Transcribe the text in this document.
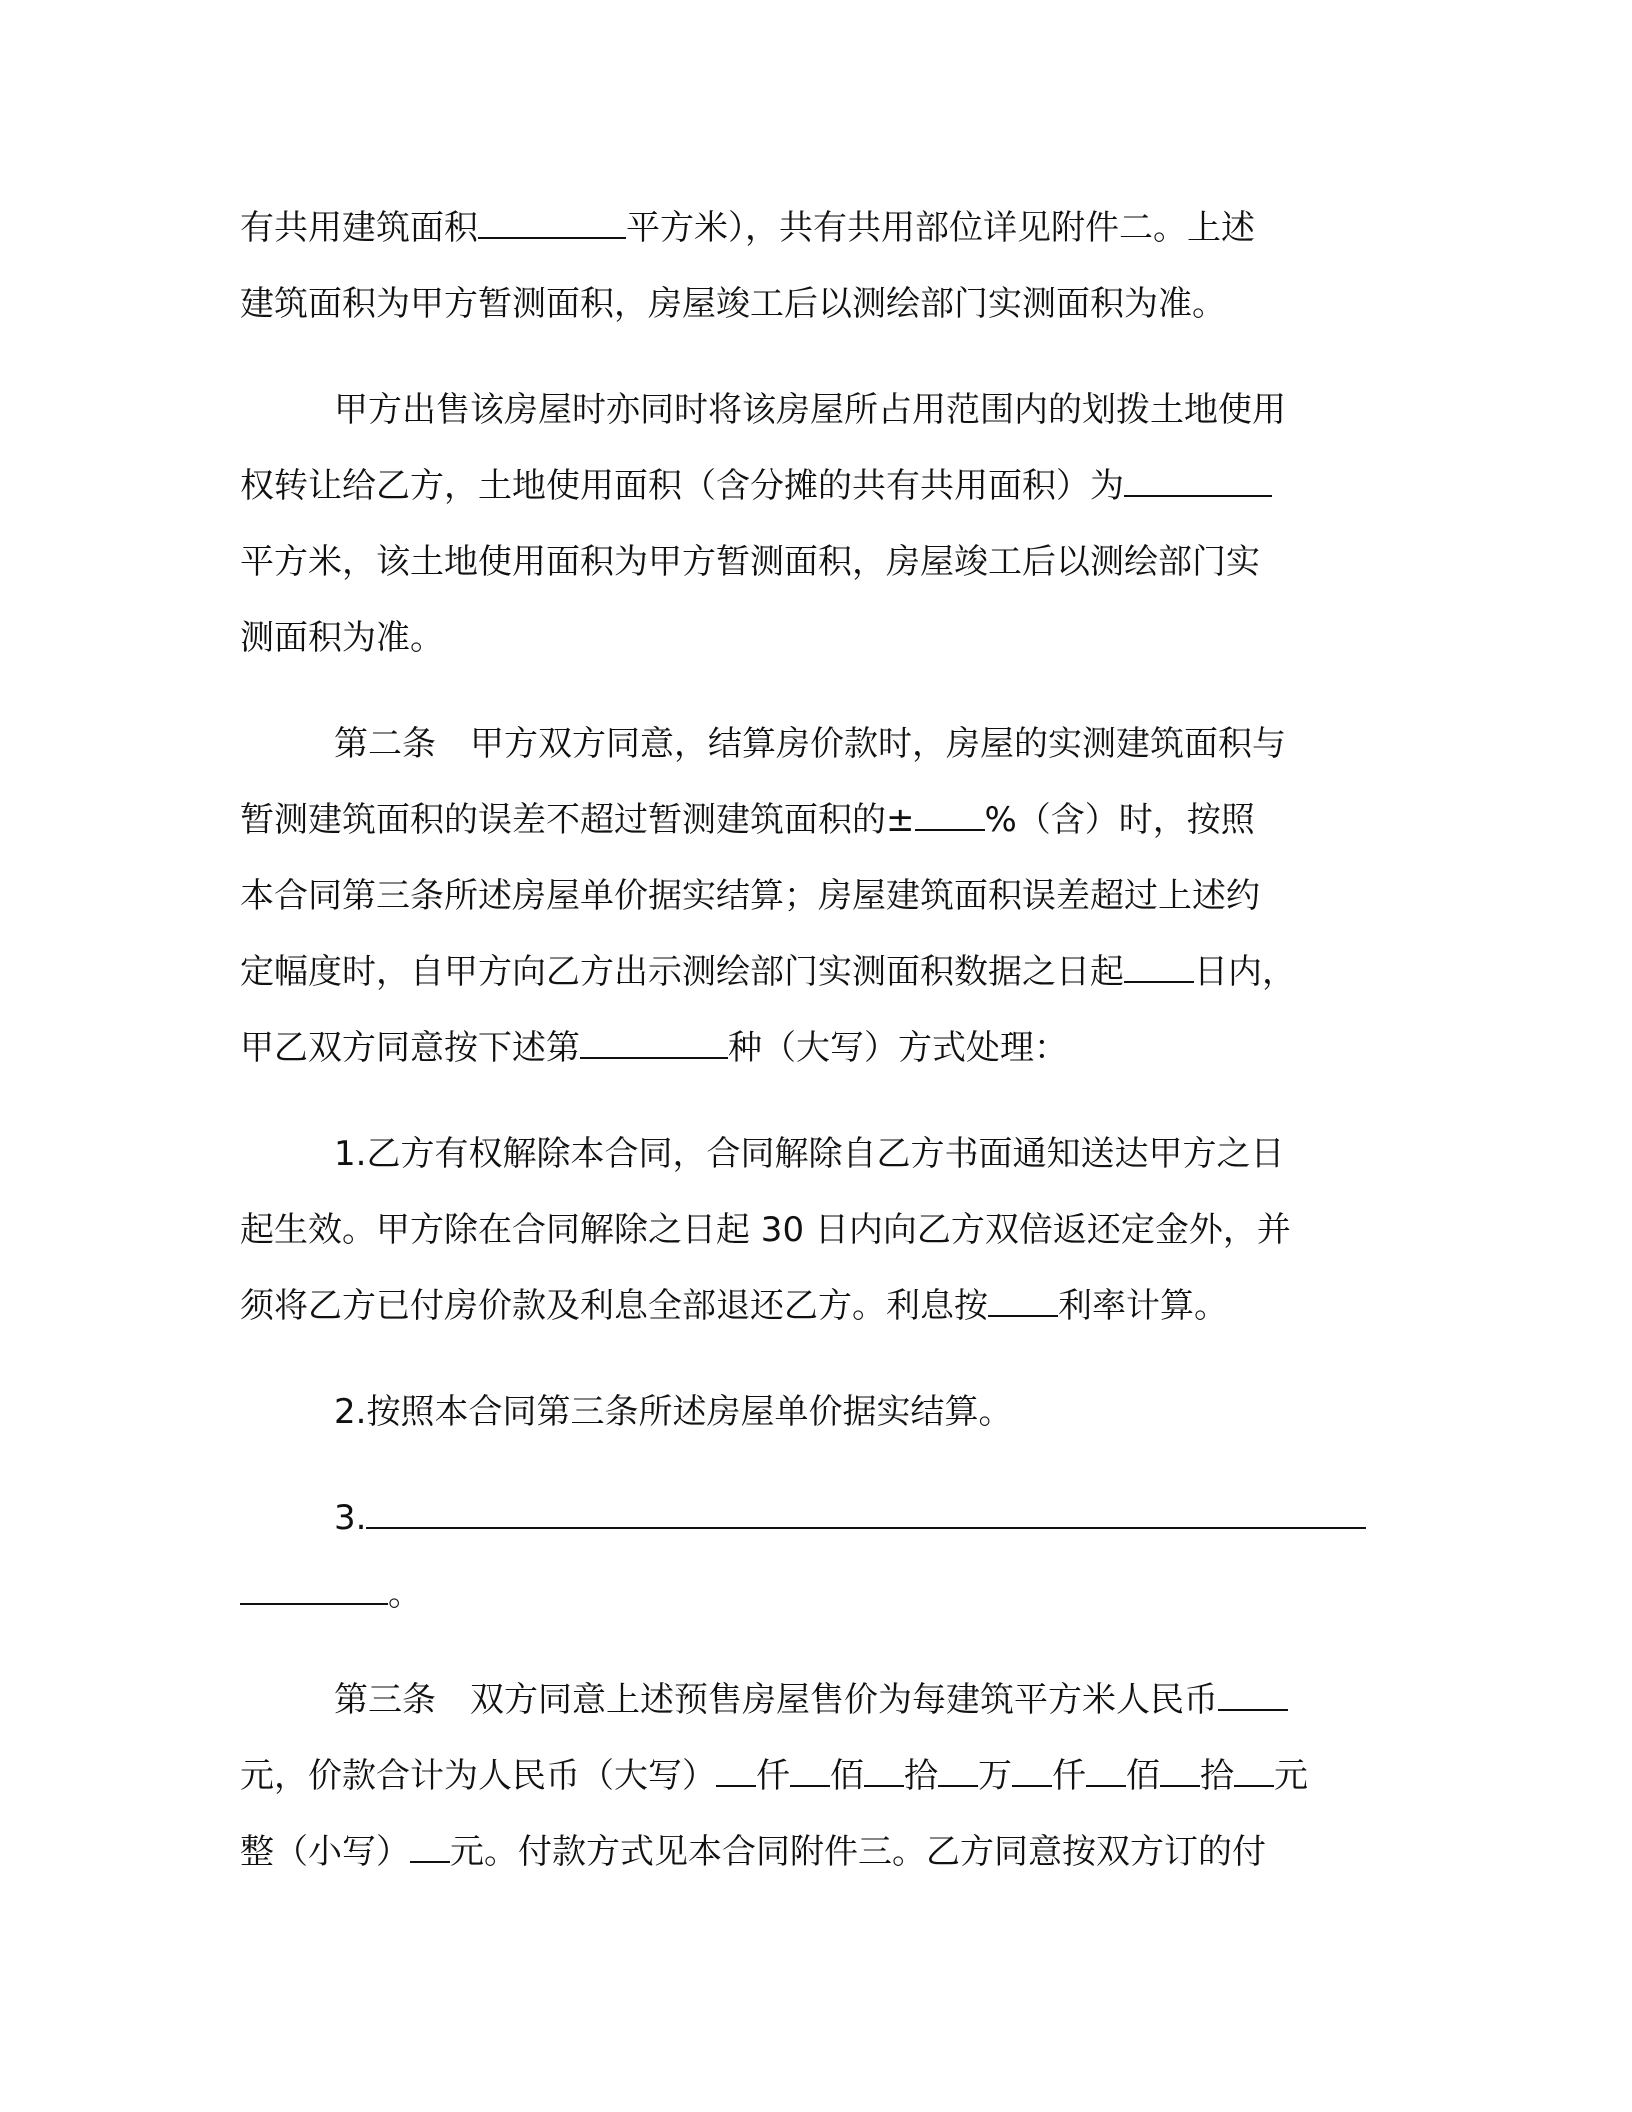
有共用建筑面积	平方米），共有共用部位详见附件二。上述
建筑面积为甲方暂测面积，房屋竣工后以测绘部门实测面积为准。
甲方出售该房屋时亦同时将该房屋所占用范围内的划拨土地使用
权转让给乙方，土地使用面积（含分摊的共有共用面积）为
平方米，该土地使用面积为甲方暂测面积，房屋竣工后以测绘部门实
测面积为准。
第二条　甲方双方同意，结算房价款时，房屋的实测建筑面积与
暂测建筑面积的误差不超过暂测建筑面积的± %（含）时，按照
本合同第三条所述房屋单价据实结算；房屋建筑面积误差超过上述约
定幅度时，自甲方向乙方出示测绘部门实测面积数据之日起 日内，
甲乙双方同意按下述第	种（大写）方式处理：
1.乙方有权解除本合同，合同解除自乙方书面通知送达甲方之日
起生效。甲方除在合同解除之日起 30 日内向乙方双倍返还定金外，并
须将乙方已付房价款及利息全部退还乙方。利息按 利率计算。
2.按照本合同第三条所述房屋单价据实结算。
3.
。
第三条　双方同意上述预售房屋售价为每建筑平方米人民币
元，价款合计为人民币（大写） 仟 佰 拾 万 仟 佰 拾 元
整（小写） 元。付款方式见本合同附件三。乙方同意按双方订的付
